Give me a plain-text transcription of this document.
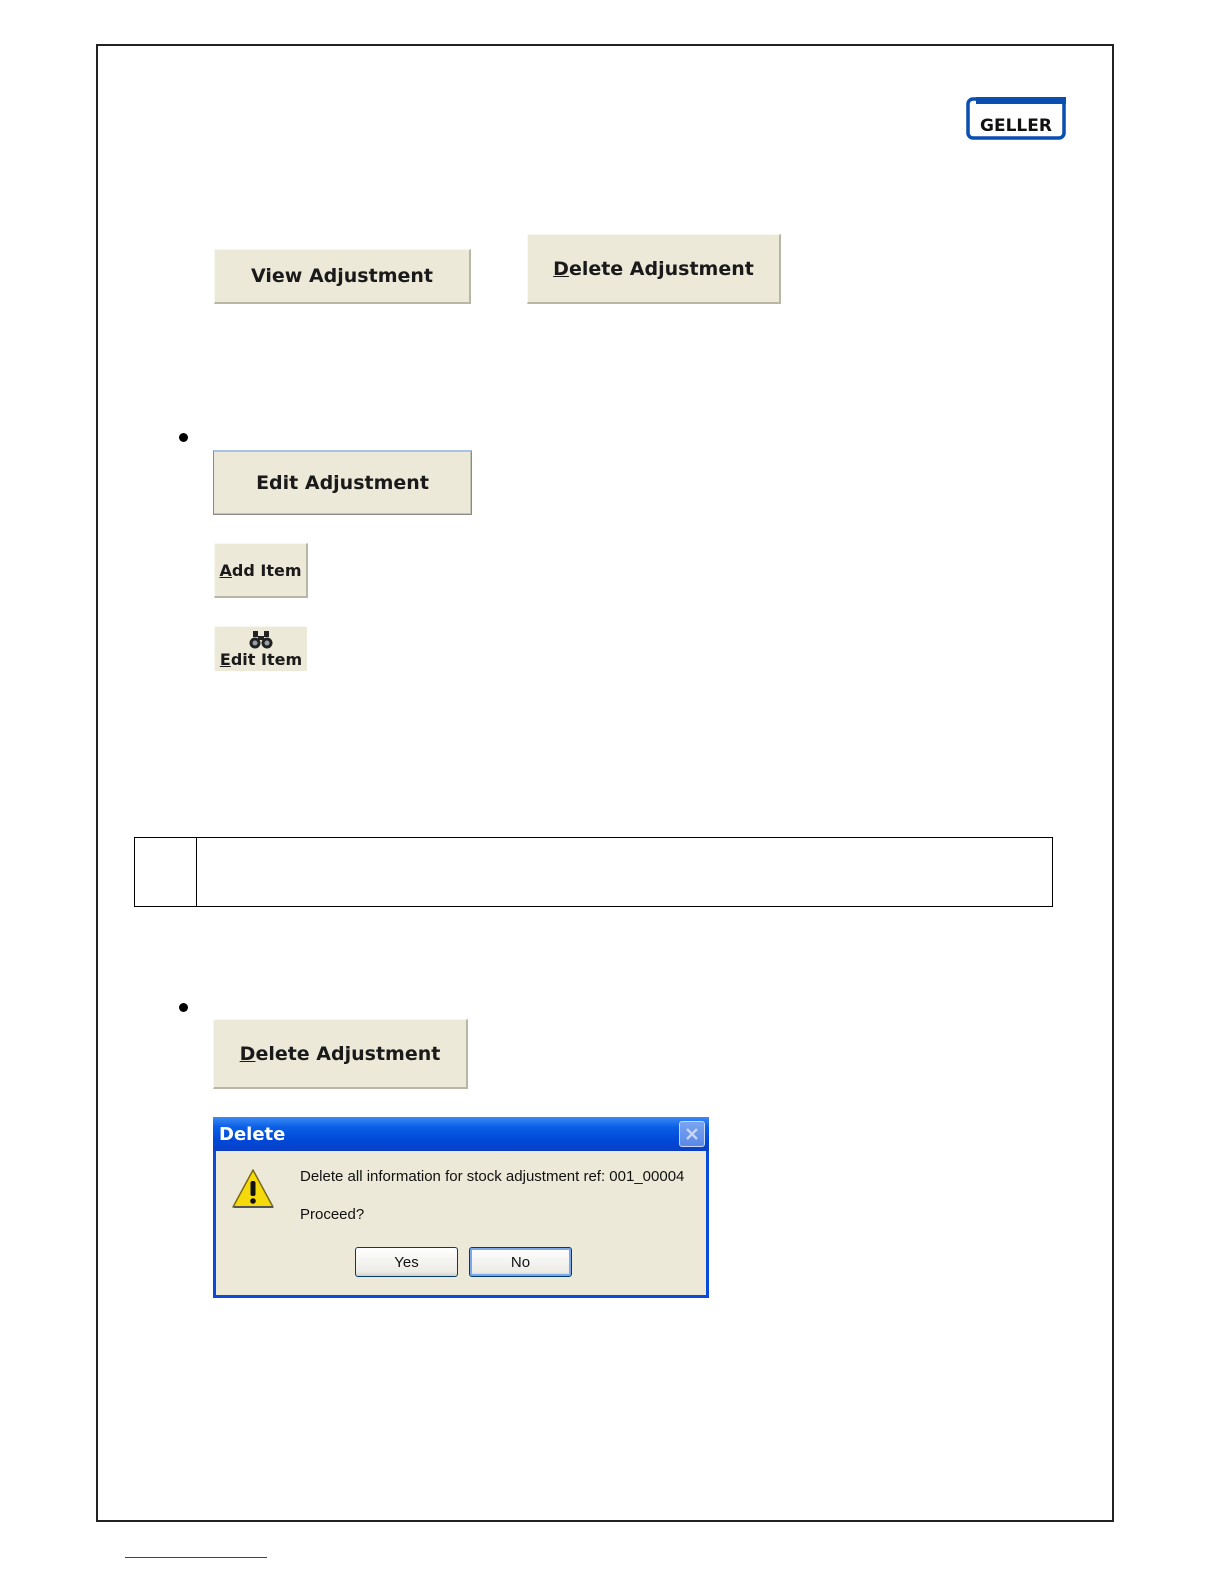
GELLER
View Adjustment	Delete Adjustment
Edit Adjustment
Add Item
Edit Item
Delete Adjustment
Delete
Delete all information for stock adjustment ref: 001_00004
Proceed?
Yes	No
